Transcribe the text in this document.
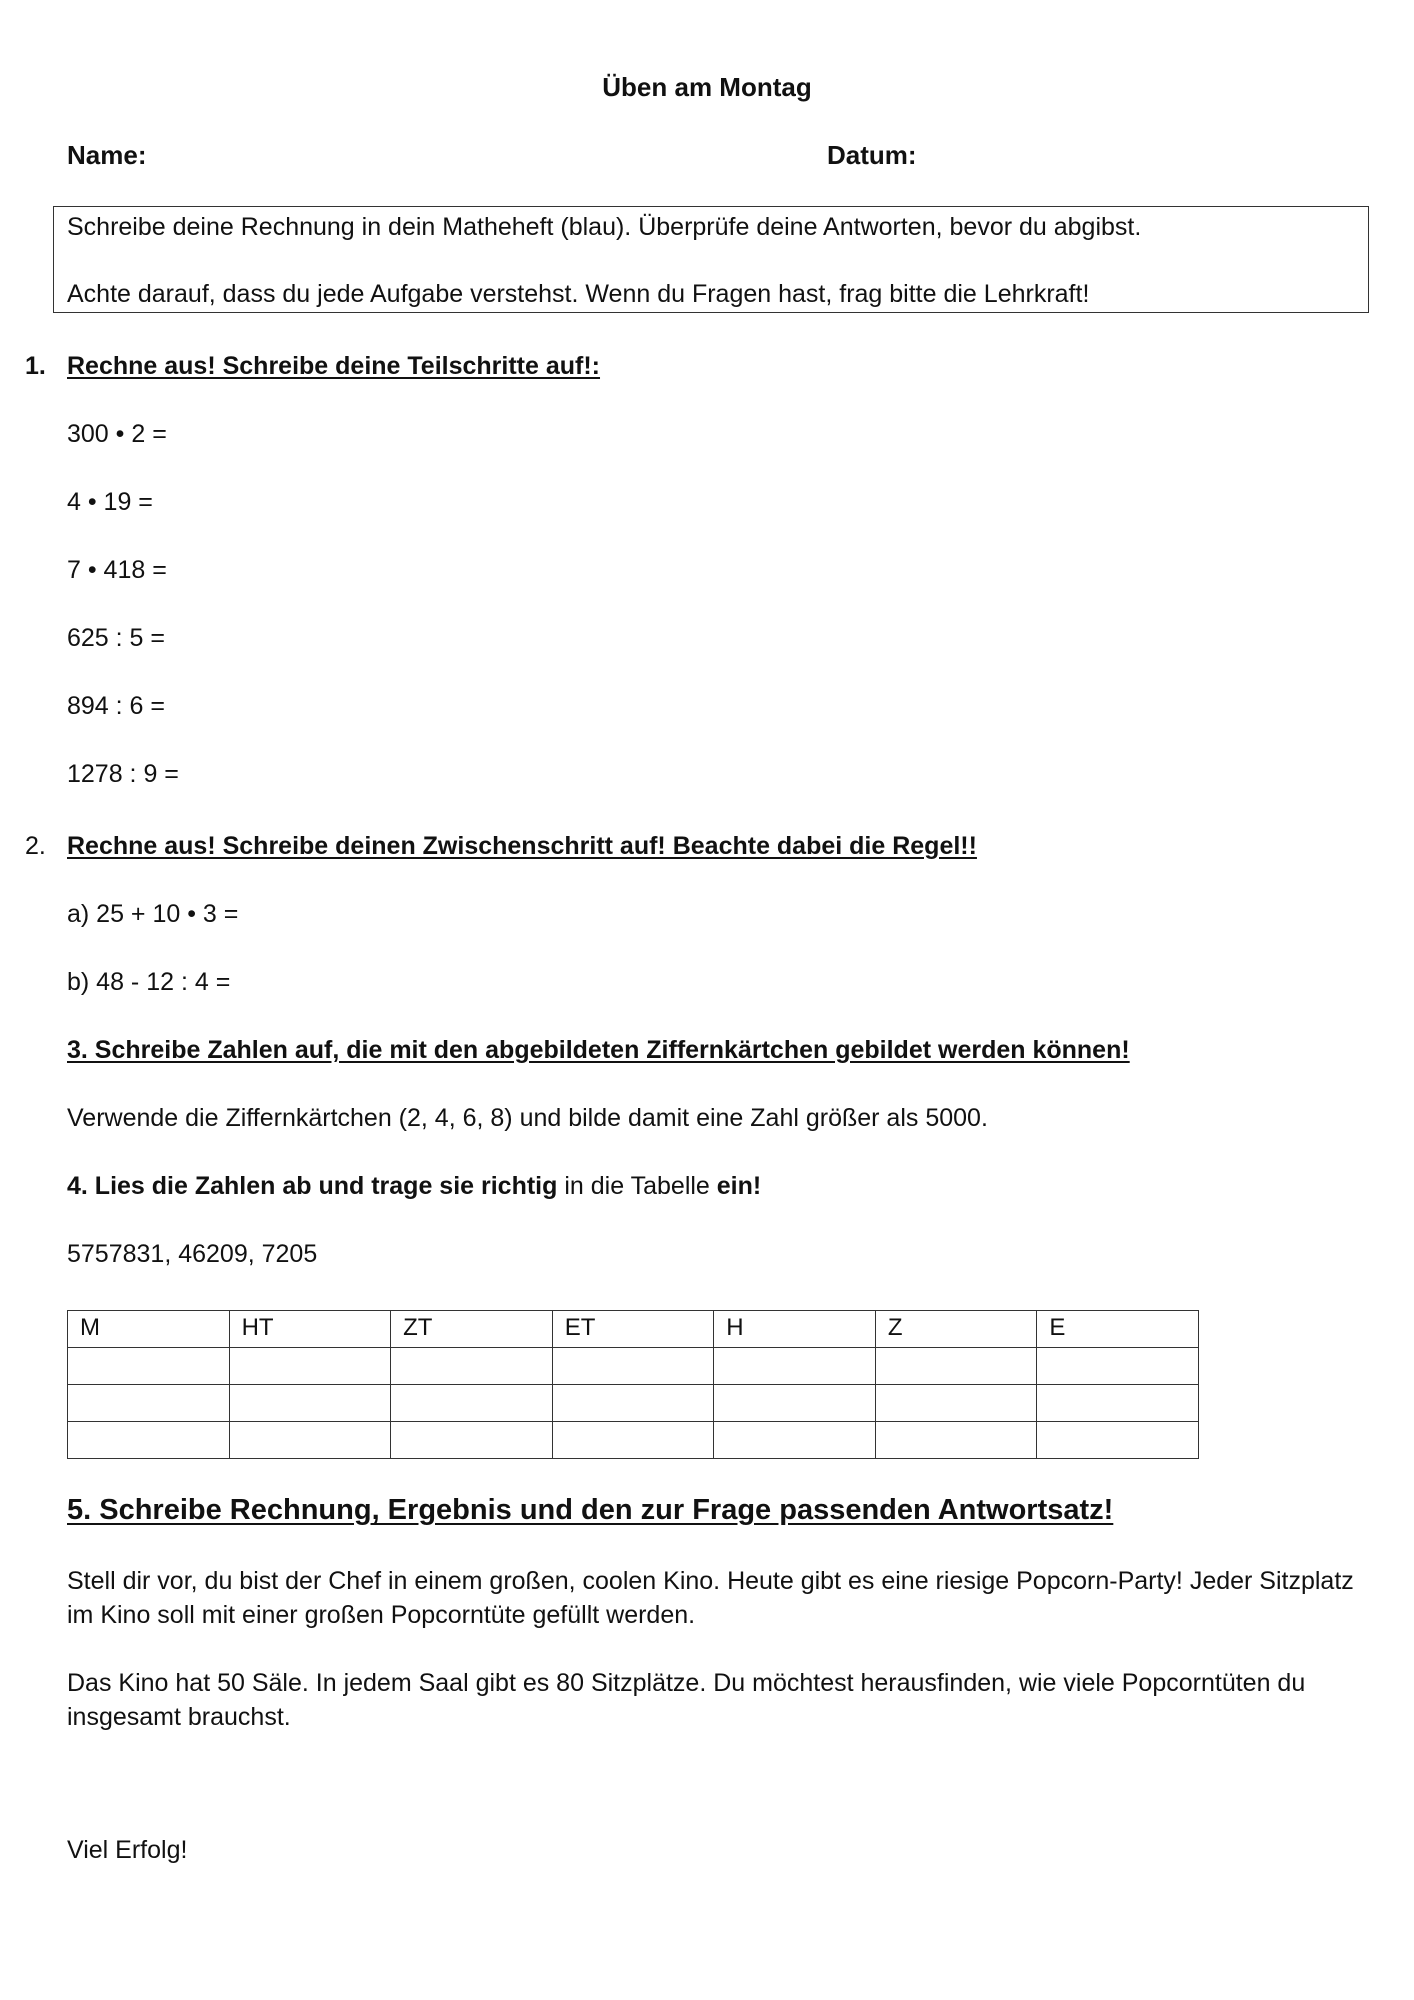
Üben am Montag
Name:	Datum:
Schreibe deine Rechnung in dein Matheheft (blau). Überprüfe deine Antworten, bevor du abgibst.
Achte darauf, dass du jede Aufgabe verstehst. Wenn du Fragen hast, frag bitte die Lehrkraft!
1. Rechne aus! Schreibe deine Teilschritte auf!:
300 • 2 =
4 • 19 =
7 • 418 =
625 : 5 =
894 : 6 =
1278 : 9 =
2. Rechne aus! Schreibe deinen Zwischenschritt auf! Beachte dabei die Regel!!
a) 25 + 10 • 3 =
b) 48 - 12 : 4 =
3. Schreibe Zahlen auf, die mit den abgebildeten Ziffernkärtchen gebildet werden können!
Verwende die Ziffernkärtchen (2, 4, 6, 8) und bilde damit eine Zahl größer als 5000.
4. Lies die Zahlen ab und trage sie richtig in die Tabelle ein!
5757831, 46209, 7205
M	HT	ZT	ET	H	Z	E

5. Schreibe Rechnung, Ergebnis und den zur Frage passenden Antwortsatz!
Stell dir vor, du bist der Chef in einem großen, coolen Kino. Heute gibt es eine riesige Popcorn-Party! Jeder Sitzplatz im Kino soll mit einer großen Popcorntüte gefüllt werden.
Das Kino hat 50 Säle. In jedem Saal gibt es 80 Sitzplätze. Du möchtest herausfinden, wie viele Popcorntüten du insgesamt brauchst.
Viel Erfolg!
